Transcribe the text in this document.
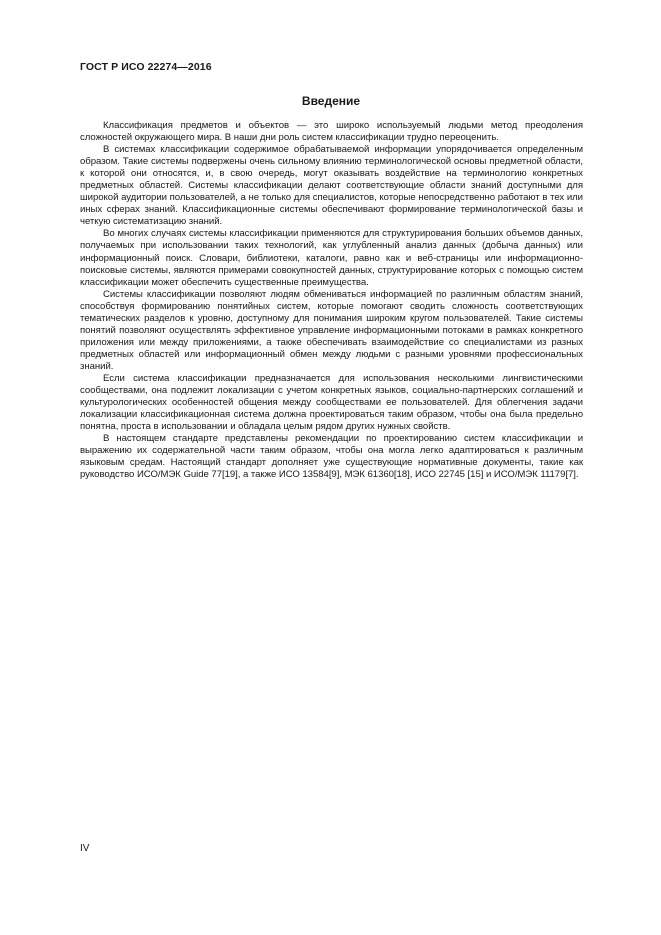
ГОСТ Р ИСО 22274—2016
Введение

Классификация предметов и объектов — это широко используемый людьми метод преодоления сложностей окружающего мира. В наши дни роль систем классификации трудно переоценить.

В системах классификации содержимое обрабатываемой информации упорядочивается определенным образом. Такие системы подвержены очень сильному влиянию терминологической основы предметной области, к которой они относятся, и, в свою очередь, могут оказывать воздействие на терминологию конкретных предметных областей. Системы классификации делают соответствующие области знаний доступными для широкой аудитории пользователей, а не только для специалистов, которые непосредственно работают в тех или иных сферах знаний. Классификационные системы обеспечивают формирование терминологической базы и четкую систематизацию знаний.

Во многих случаях системы классификации применяются для структурирования больших объемов данных, получаемых при использовании таких технологий, как углубленный анализ данных (добыча данных) или информационный поиск. Словари, библиотеки, каталоги, равно как и веб-страницы или информационно-поисковые системы, являются примерами совокупностей данных, структурирование которых с помощью систем классификации может обеспечить существенные преимущества.

Системы классификации позволяют людям обмениваться информацией по различным областям знаний, способствуя формированию понятийных систем, которые помогают сводить сложность соответствующих тематических разделов к уровню, доступному для понимания широким кругом пользователей. Такие системы понятий позволяют осуществлять эффективное управление информационными потоками в рамках конкретного приложения или между приложениями, а также обеспечивать взаимодействие со специалистами из разных предметных областей или информационный обмен между людьми с разными уровнями профессиональных знаний.

Если система классификации предназначается для использования несколькими лингвистическими сообществами, она подлежит локализации с учетом конкретных языков, социально-партнерских соглашений и культурологических особенностей общения между сообществами ее пользователей. Для облегчения задачи локализации классификационная система должна проектироваться таким образом, чтобы она была предельно понятна, проста в использовании и обладала целым рядом других нужных свойств.

В настоящем стандарте представлены рекомендации по проектированию систем классификации и выражению их содержательной части таким образом, чтобы она могла легко адаптироваться к различным языковым средам. Настоящий стандарт дополняет уже существующие нормативные документы, такие как руководство ИСО/МЭК Guide 77[19], а также ИСО 13584[9], МЭК 61360[18], ИСО 22745 [15] и ИСО/МЭК 11179[7].

IV
